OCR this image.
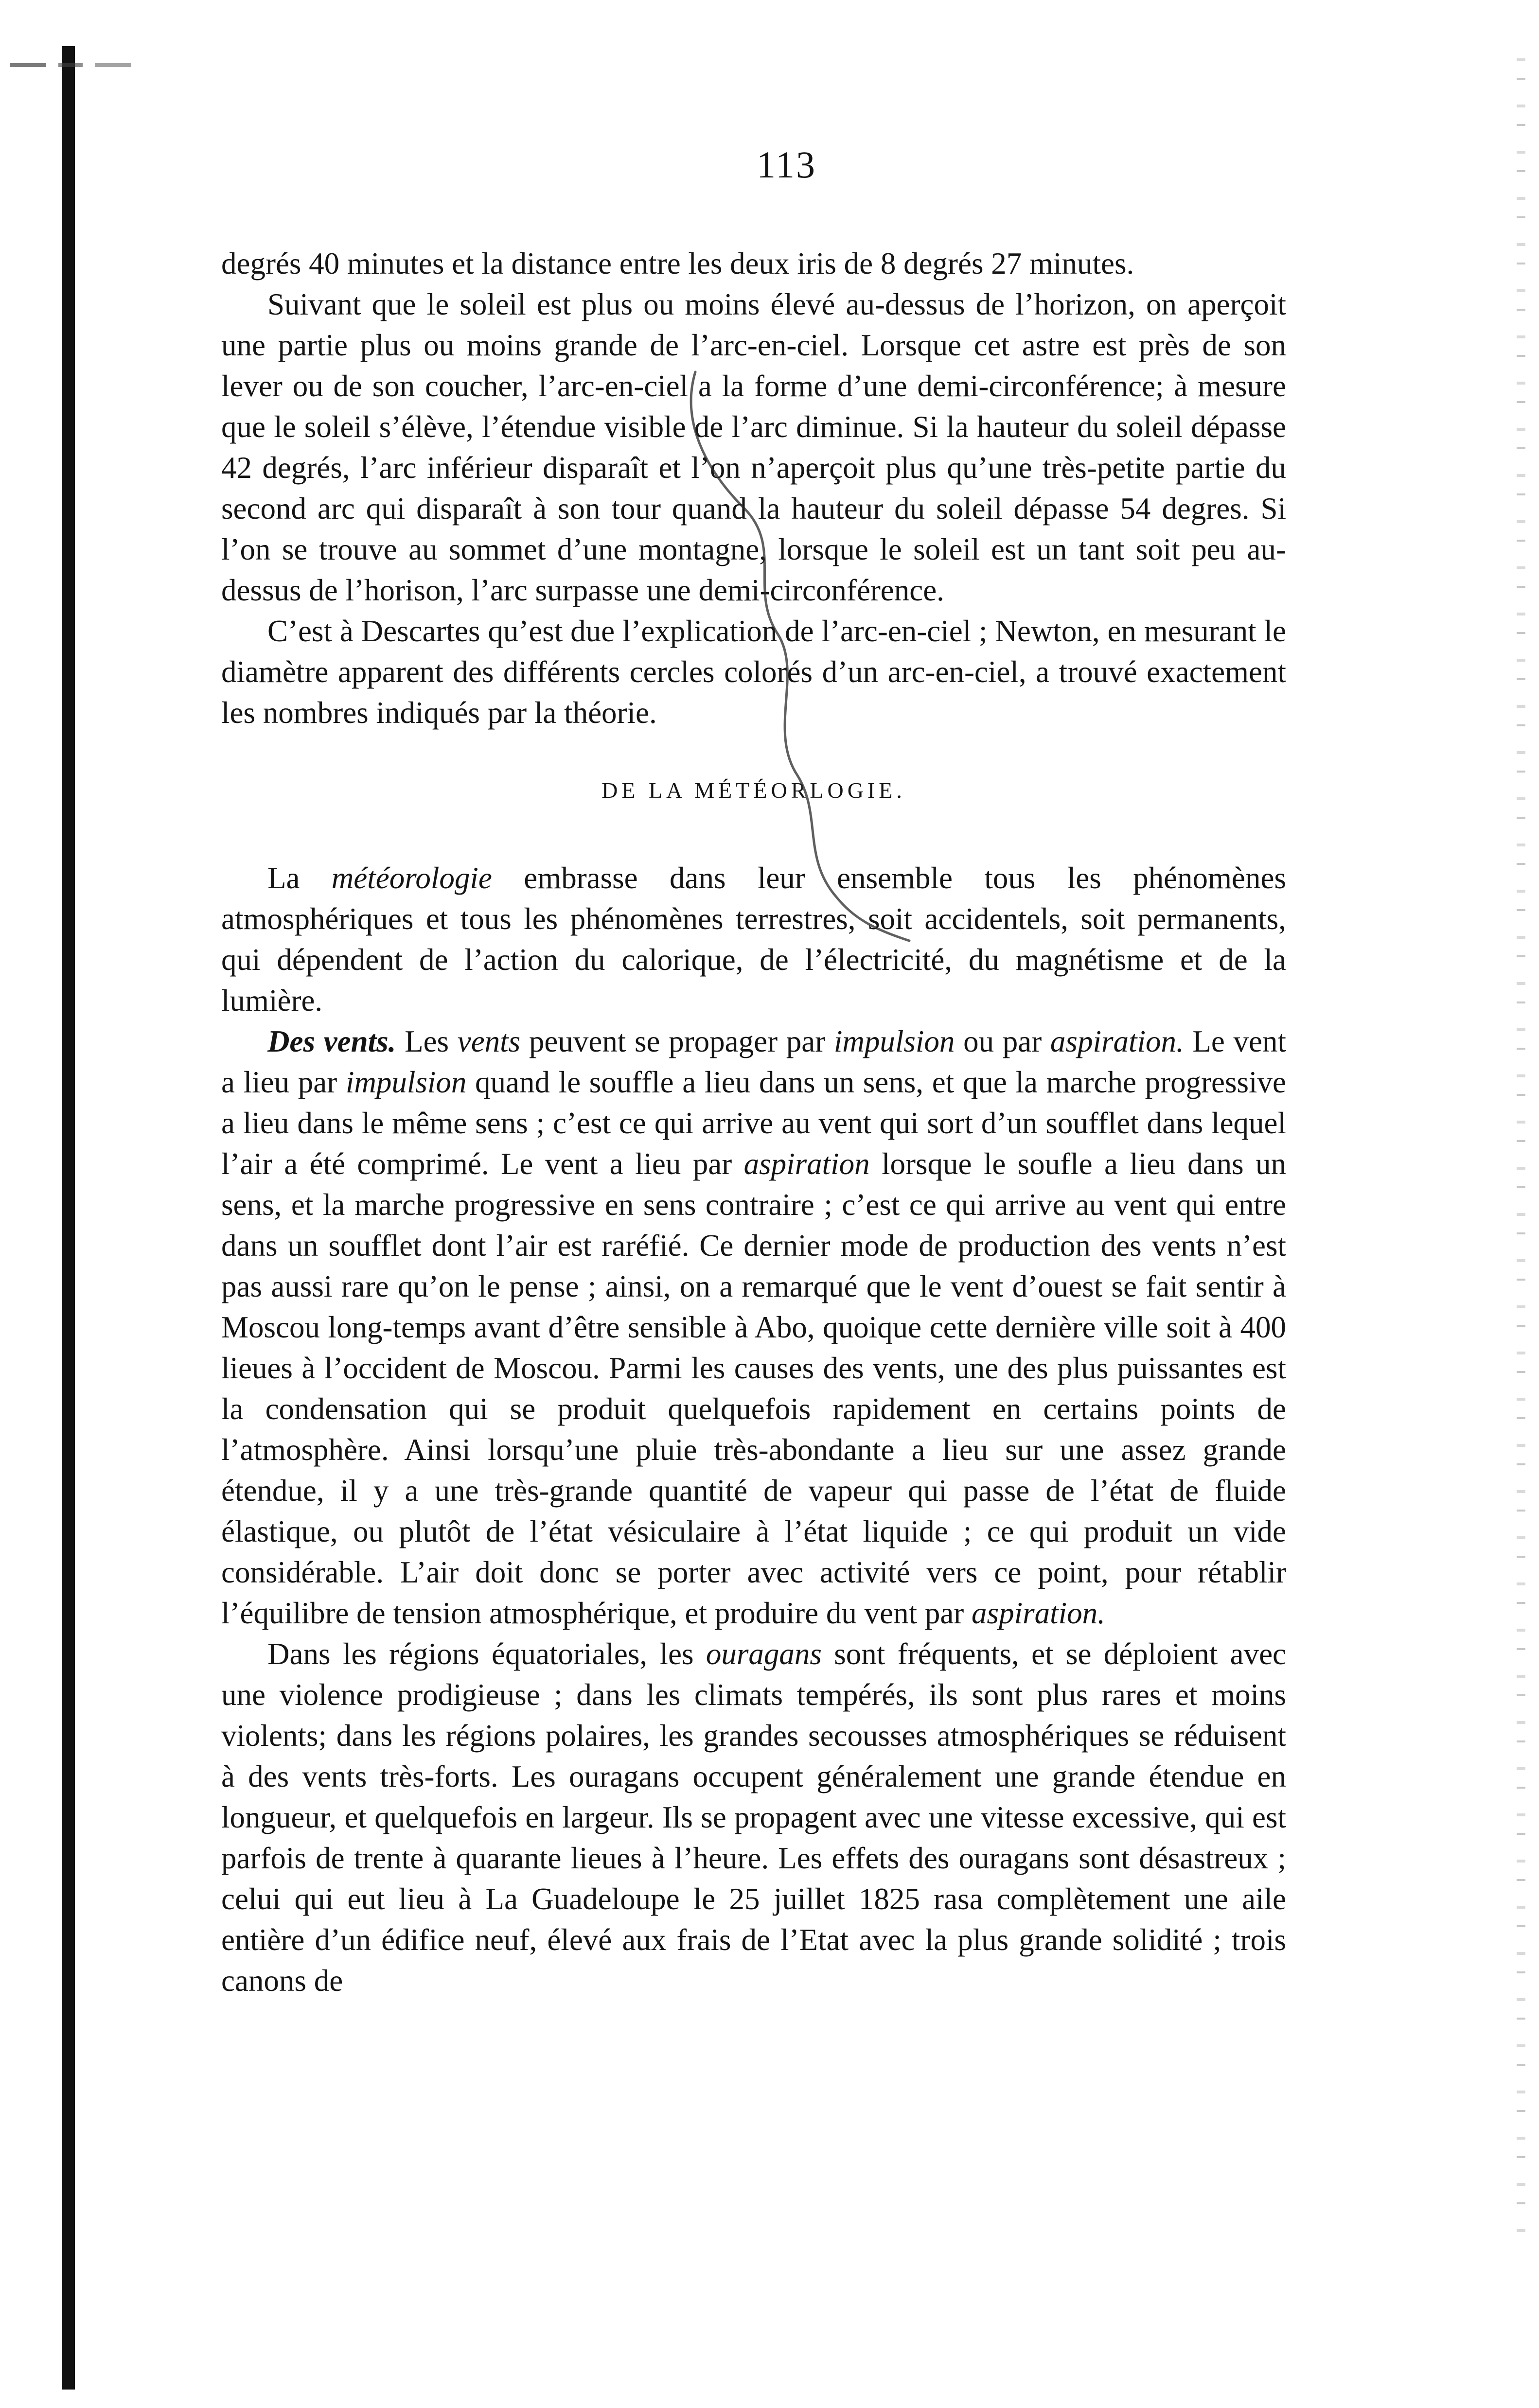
113

degrés 40 minutes et la distance entre les deux iris de 8 degrés 27 minutes.

Suivant que le soleil est plus ou moins élevé au-dessus de l’horizon, on aperçoit une partie plus ou moins grande de l’arc-en-ciel. Lorsque cet astre est près de son lever ou de son coucher, l’arc-en-ciel a la forme d’une demi-circonférence; à mesure que le soleil s’élève, l’étendue visible de l’arc diminue. Si la hauteur du soleil dépasse 42 degrés, l’arc inférieur disparaît et l’on n’aperçoit plus qu’une très-petite partie du second arc qui disparaît à son tour quand la hauteur du soleil dépasse 54 degres. Si l’on se trouve au sommet d’une montagne, lorsque le soleil est un tant soit peu au-dessus de l’horison, l’arc surpasse une demi-circonférence.

C’est à Descartes qu’est due l’explication de l’arc-en-ciel ; Newton, en mesurant le diamètre apparent des différents cercles colorés d’un arc-en-ciel, a trouvé exactement les nombres indiqués par la théorie.

DE LA MÉTÉORLOGIE.

La météorologie embrasse dans leur ensemble tous les phénomènes atmosphériques et tous les phénomènes terrestres, soit accidentels, soit permanents, qui dépendent de l’action du calorique, de l’électricité, du magnétisme et de la lumière.

Des vents. Les vents peuvent se propager par impulsion ou par aspiration. Le vent a lieu par impulsion quand le souffle a lieu dans un sens, et que la marche progressive a lieu dans le même sens ; c’est ce qui arrive au vent qui sort d’un soufflet dans lequel l’air a été comprimé. Le vent a lieu par aspiration lorsque le soufle a lieu dans un sens, et la marche progressive en sens contraire ; c’est ce qui arrive au vent qui entre dans un soufflet dont l’air est raréfié. Ce dernier mode de production des vents n’est pas aussi rare qu’on le pense ; ainsi, on a remarqué que le vent d’ouest se fait sentir à Moscou long-temps avant d’être sensible à Abo, quoique cette dernière ville soit à 400 lieues à l’occident de Moscou. Parmi les causes des vents, une des plus puissantes est la condensation qui se produit quelquefois rapidement en certains points de l’atmosphère. Ainsi lorsqu’une pluie très-abondante a lieu sur une assez grande étendue, il y a une très-grande quantité de vapeur qui passe de l’état de fluide élastique, ou plutôt de l’état vésiculaire à l’état liquide ; ce qui produit un vide considérable. L’air doit donc se porter avec activité vers ce point, pour rétablir l’équilibre de tension atmosphérique, et produire du vent par aspiration.

Dans les régions équatoriales, les ouragans sont fréquents, et se déploient avec une violence prodigieuse ; dans les climats tempérés, ils sont plus rares et moins violents; dans les régions polaires, les grandes secousses atmosphériques se réduisent à des vents très-forts. Les ouragans occupent généralement une grande étendue en longueur, et quelquefois en largeur. Ils se propagent avec une vitesse excessive, qui est parfois de trente à quarante lieues à l’heure. Les effets des ouragans sont désastreux ; celui qui eut lieu à La Guadeloupe le 25 juillet 1825 rasa complètement une aile entière d’un édifice neuf, élevé aux frais de l’Etat avec la plus grande solidité ; trois canons de
